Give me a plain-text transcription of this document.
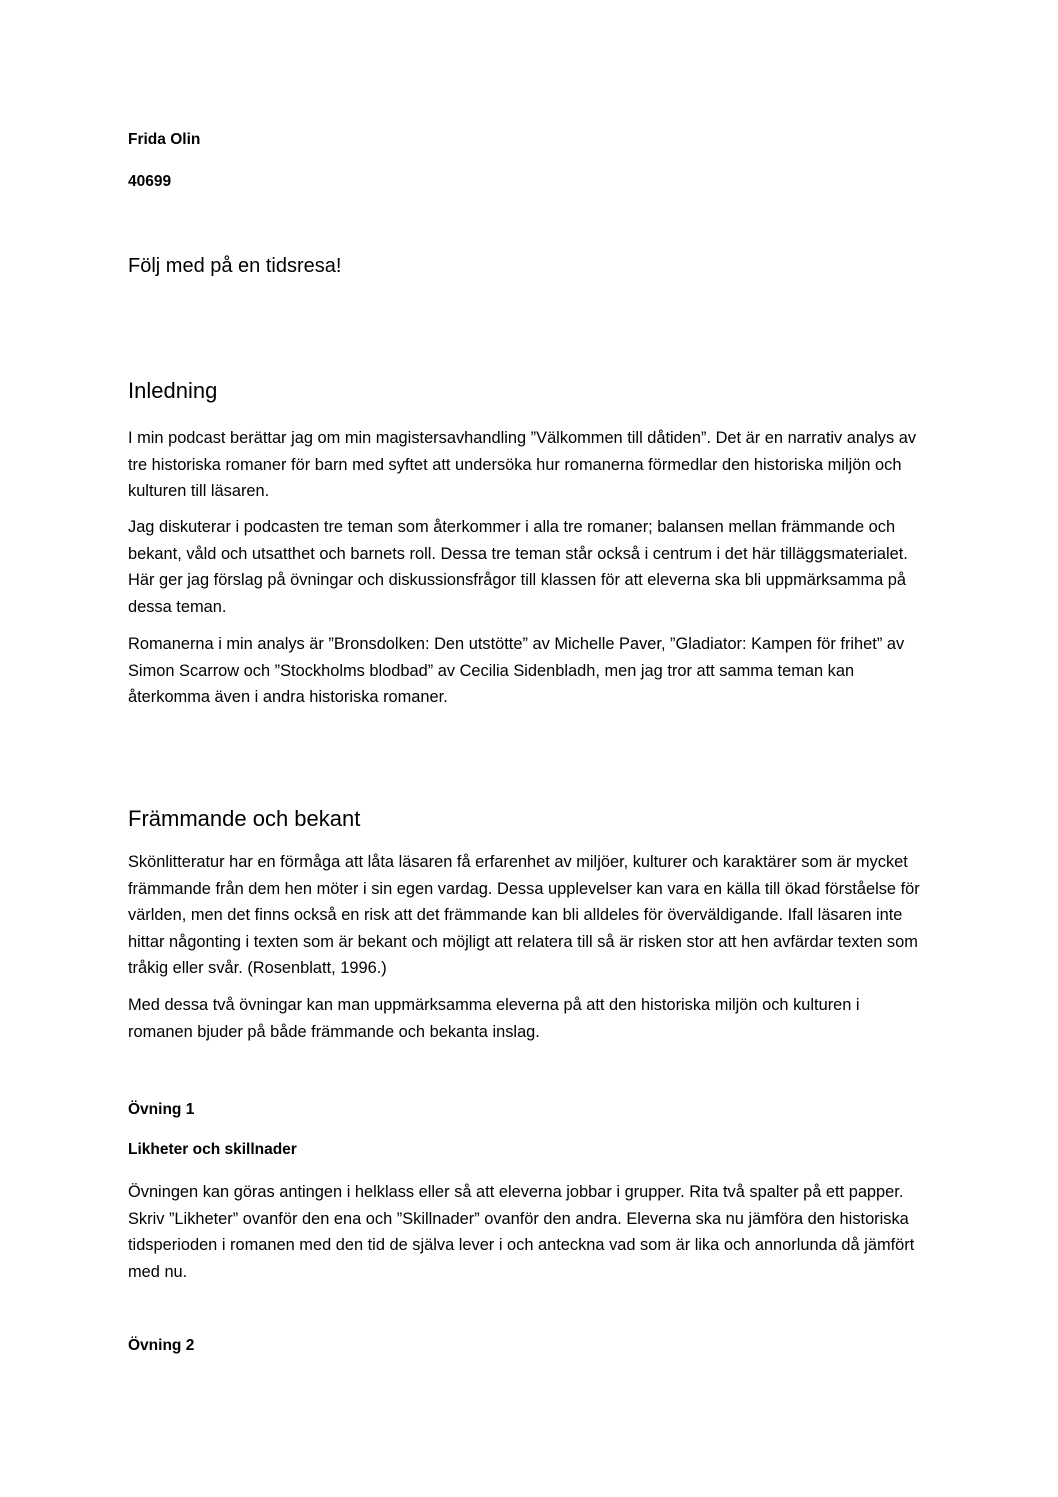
Frida Olin

40699

Följ med på en tidsresa!
Inledning

I min podcast berättar jag om min magistersavhandling ”Välkommen till dåtiden”. Det är en narrativ analys av tre historiska romaner för barn med syftet att undersöka hur romanerna förmedlar den historiska miljön och kulturen till läsaren.

Jag diskuterar i podcasten tre teman som återkommer i alla tre romaner; balansen mellan främmande och bekant, våld och utsatthet och barnets roll. Dessa tre teman står också i centrum i det här tilläggsmaterialet. Här ger jag förslag på övningar och diskussionsfrågor till klassen för att eleverna ska bli uppmärksamma på dessa teman.

Romanerna i min analys är ”Bronsdolken: Den utstötte” av Michelle Paver, ”Gladiator: Kampen för frihet” av Simon Scarrow och ”Stockholms blodbad” av Cecilia Sidenbladh, men jag tror att samma teman kan återkomma även i andra historiska romaner.

Främmande och bekant

Skönlitteratur har en förmåga att låta läsaren få erfarenhet av miljöer, kulturer och karaktärer som är mycket främmande från dem hen möter i sin egen vardag. Dessa upplevelser kan vara en källa till ökad förståelse för världen, men det finns också en risk att det främmande kan bli alldeles för överväldigande. Ifall läsaren inte hittar någonting i texten som är bekant och möjligt att relatera till så är risken stor att hen avfärdar texten som tråkig eller svår. (Rosenblatt, 1996.)

Med dessa två övningar kan man uppmärksamma eleverna på att den historiska miljön och kulturen i romanen bjuder på både främmande och bekanta inslag.

Övning 1

Likheter och skillnader

Övningen kan göras antingen i helklass eller så att eleverna jobbar i grupper. Rita två spalter på ett papper. Skriv ”Likheter” ovanför den ena och ”Skillnader” ovanför den andra. Eleverna ska nu jämföra den historiska tidsperioden i romanen med den tid de själva lever i och anteckna vad som är lika och annorlunda då jämfört med nu.

Övning 2
